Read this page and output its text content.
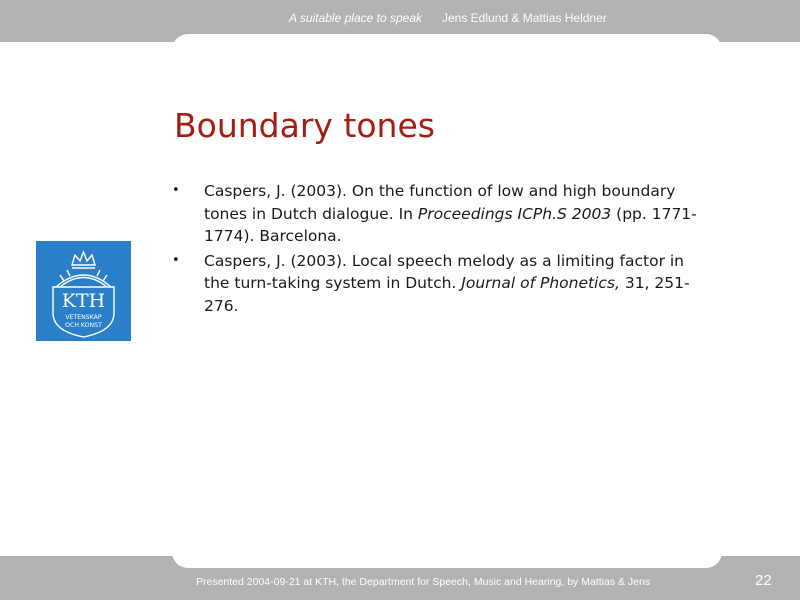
A suitable place to speak Jens Edlund & Mattias Heldner
Boundary tones
• Caspers, J. (2003). On the function of low and high boundary tones in Dutch dialogue. In Proceedings ICPh.S 2003 (pp. 1771-1774). Barcelona.
• Caspers, J. (2003). Local speech melody as a limiting factor in the turn-taking system in Dutch. Journal of Phonetics, 31, 251-276.
KTH
VETENSKAP
OCH KONST
Presented 2004-09-21 at KTH, the Department for Speech, Music and Hearing, by Mattias & Jens	22
